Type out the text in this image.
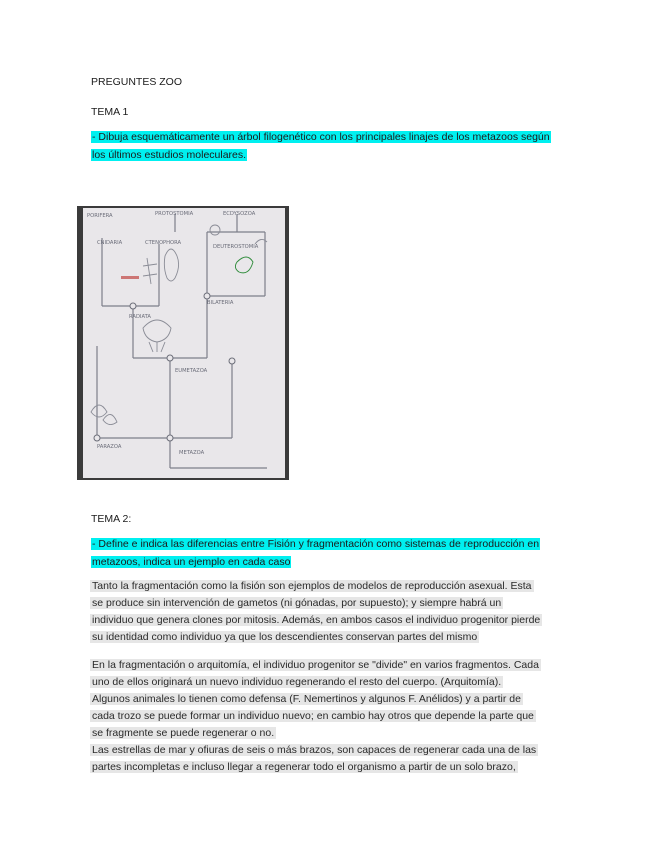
PREGUNTES ZOO
TEMA 1
- Dibuja esquemáticamente un árbol filogenético con los principales linajes de los metazoos según
los últimos estudios moleculares.
PORIFERA	PROTOSTOMIA	ECDYSOZOA
CNIDARIA	CTENOPHORA
DEUTEROSTOMIA
BILATERIA
RADIATA
EUMETAZOA
PARAZOA
METAZOA
TEMA 2:
- Define e indica las diferencias entre Fisión y fragmentación como sistemas de reproducción en
metazoos, indica un ejemplo en cada caso
Tanto la fragmentación como la fisión son ejemplos de modelos de reproducción asexual. Esta
se produce sin intervención de gametos (ni gónadas, por supuesto); y siempre habrá un
individuo que genera clones por mitosis. Además, en ambos casos el individuo progenitor pierde
su identidad como individuo ya que los descendientes conservan partes del mismo
En la fragmentación o arquitomía, el individuo progenitor se "divide" en varios fragmentos. Cada
uno de ellos originará un nuevo individuo regenerando el resto del cuerpo. (Arquitomía).
Algunos animales lo tienen como defensa (F. Nemertinos y algunos F. Anélidos) y a partir de
cada trozo se puede formar un individuo nuevo; en cambio hay otros que depende la parte que
se fragmente se puede regenerar o no.
Las estrellas de mar y ofiuras de seis o más brazos, son capaces de regenerar cada una de las
partes incompletas e incluso llegar a regenerar todo el organismo a partir de un solo brazo,
